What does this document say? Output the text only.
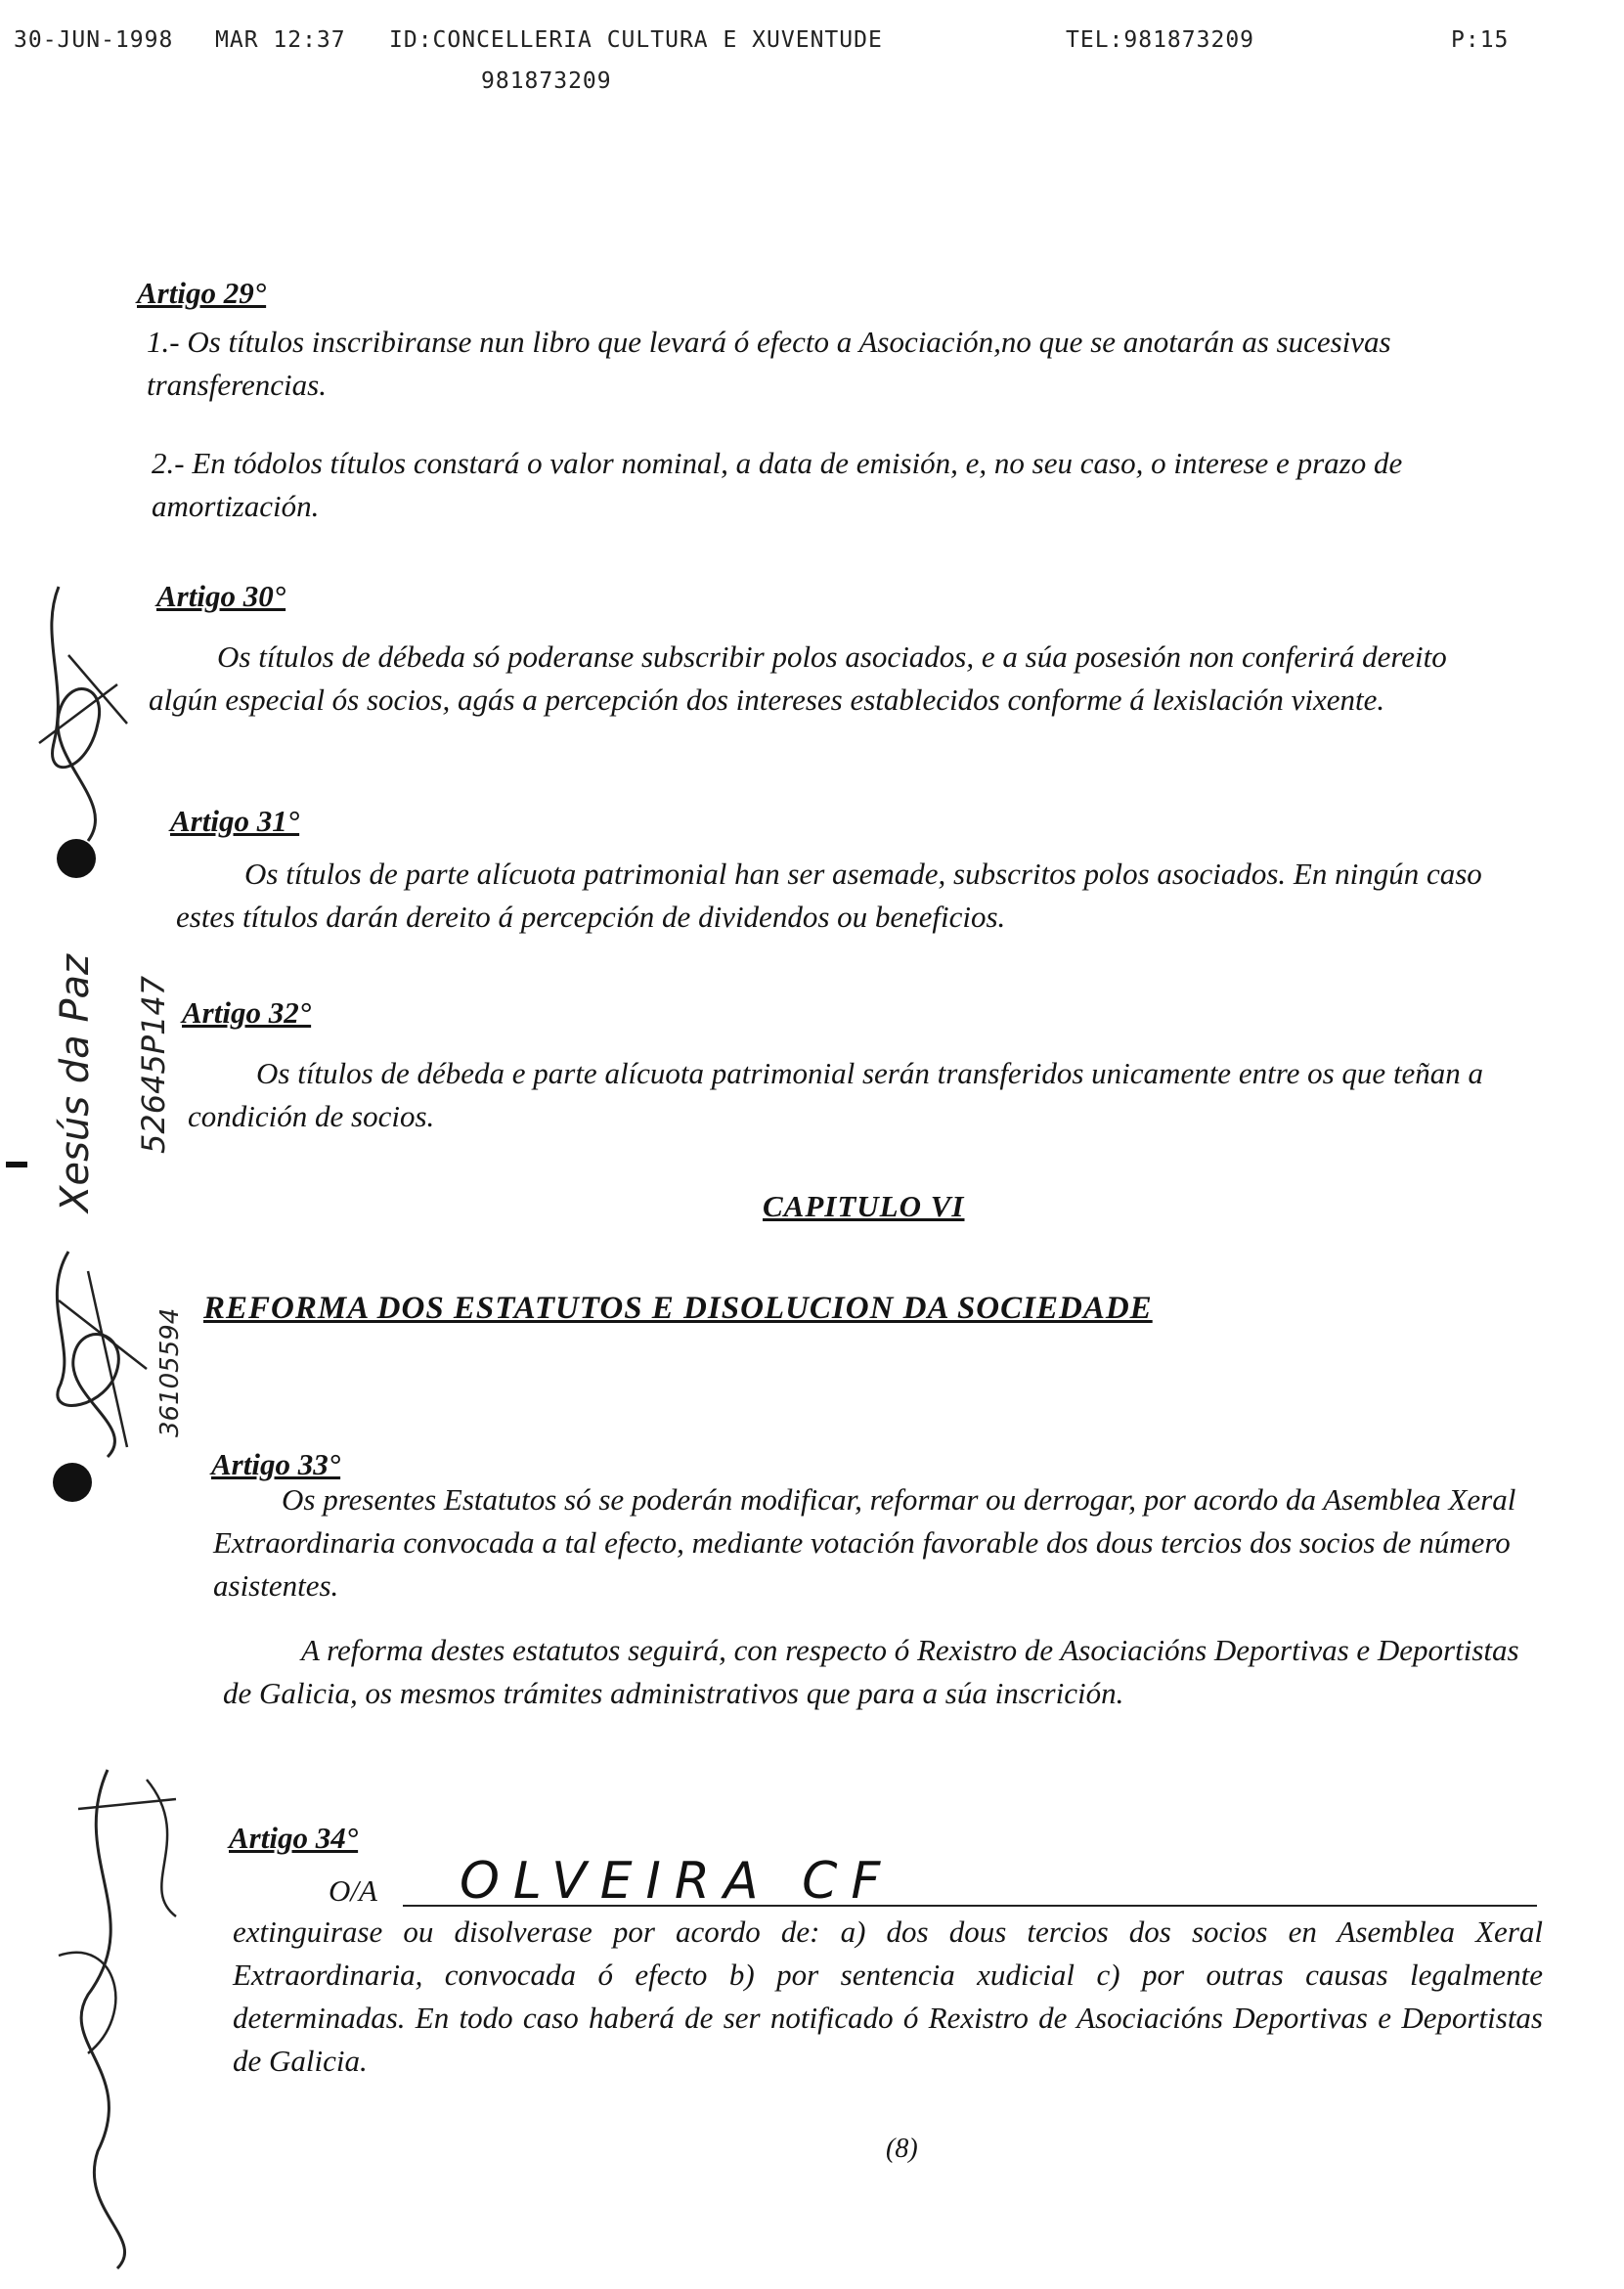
30-JUN-1998 MAR 12:37 ID:CONCELLERIA CULTURA E XUVENTUDE	TEL:981873209	P:15
981873209
Artigo 29°
1.- Os títulos inscribiranse nun libro que levará ó efecto a Asociación,no que se anotarán as sucesivas transferencias.
2.- En tódolos títulos constará o valor nominal, a data de emisión, e, no seu caso, o interese e prazo de amortización.
Artigo 30°
Os títulos de débeda só poderanse subscribir polos asociados, e a súa posesión non conferirá dereito algún especial ós socios, agás a percepción dos intereses establecidos conforme á lexislación vixente.
Artigo 31°
Os títulos de parte alícuota patrimonial han ser asemade, subscritos polos asociados. En ningún caso estes títulos darán dereito á percepción de dividendos ou beneficios.
Artigo 32°
Os títulos de débeda e parte alícuota patrimonial serán transferidos unicamente entre os que teñan a condición de socios.
CAPITULO VI
REFORMA DOS ESTATUTOS E DISOLUCION DA SOCIEDADE
Artigo 33°
Os presentes Estatutos só se poderán modificar, reformar ou derrogar, por acordo da Asemblea Xeral Extraordinaria convocada a tal efecto, mediante votación favorable dos dous tercios dos socios de número asistentes.
A reforma destes estatutos seguirá, con respecto ó Rexistro de Asociacións Deportivas e Deportistas de Galicia, os mesmos trámites administrativos que para a súa inscrición.
Artigo 34°
O/A OLVEIRA CF
extinguirase ou disolverase por acordo de: a) dos dous tercios dos socios en Asemblea Xeral Extraordinaria, convocada ó efecto b) por sentencia xudicial c) por outras causas legalmente determinadas. En todo caso haberá de ser notificado ó Rexistro de Asociacións Deportivas e Deportistas de Galicia.
(8)
Xesús da Paz 52645P147
36105594
